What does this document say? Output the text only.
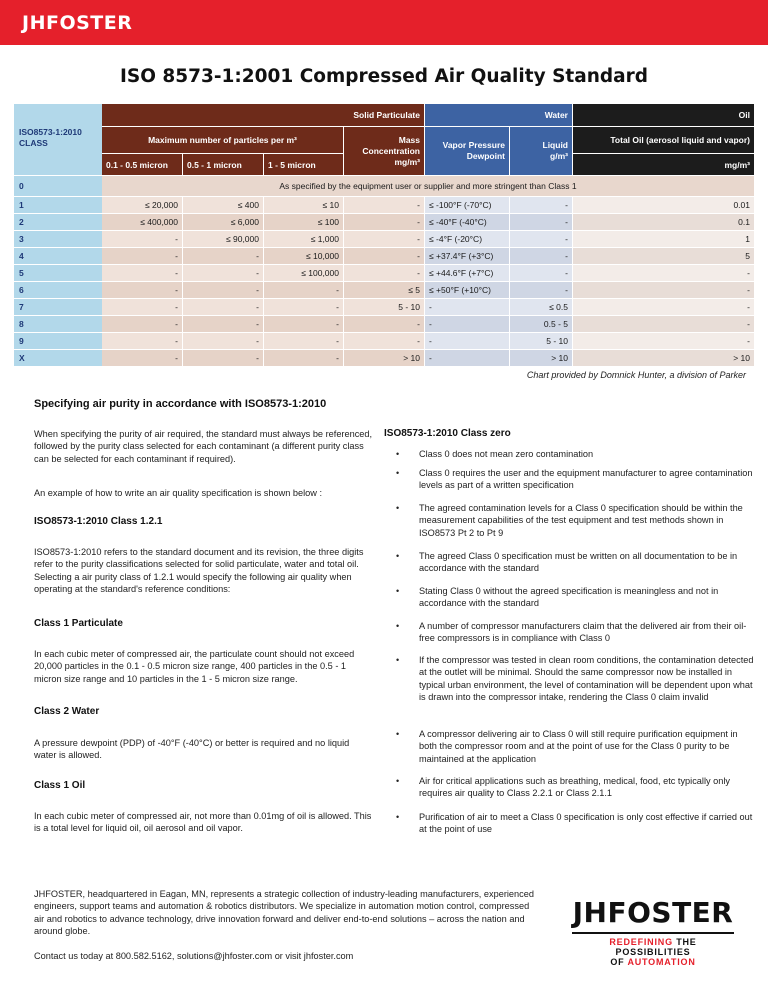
JHFOSTER
ISO 8573-1:2001 Compressed Air Quality Standard
ISO8573-1:2010 CLASS
Solid Particulate	Water	Oil
Maximum number of particles per m³	Mass Concentration mg/m³
Vapor Pressure Dewpoint
Liquid g/m³
Total Oil (aerosol liquid and vapor)
0.1 - 0.5 micron	0.5 - 1 micron	1 - 5 micron	mg/m³
0	As specified by the equipment user or supplier and more stringent than Class 1
1	≤ 20,000	≤ 400	≤ 10	-	≤ -100°F (-70°C)	-	0.01
2	≤ 400,000	≤ 6,000	≤ 100	-	≤ -40°F (-40°C)	-	0.1
3	-	≤ 90,000	≤ 1,000	-	≤ -4°F (-20°C)	-	1
4	-	-	≤ 10,000	-	≤ +37.4°F (+3°C)	-	5
5	-	-	≤ 100,000	-	≤ +44.6°F (+7°C)	-	-
6	-	-	-	≤ 5	≤ +50°F (+10°C)	-	-
7	-	-	-	5 - 10	-	≤ 0.5	-
8	-	-	-	-	-	0.5 - 5	-
9	-	-	-	-	-	5 - 10	-
X	-	-	-	> 10	-	> 10	> 10
Chart provided by Domnick Hunter, a division of Parker
Specifying air purity in accordance with ISO8573-1:2010
When specifying the purity of air required, the standard must always be referenced, followed by the purity class selected for each contaminant (a different purity class can be selected for each contaminant if required).
An example of how to write an air quality specification is shown below :
ISO8573-1:2010 Class 1.2.1
ISO8573-1:2010 refers to the standard document and its revision, the three digits refer to the purity classifications selected for solid particulate, water and total oil. Selecting a air purity class of 1.2.1 would specify the following air quality when operating at the standard's reference conditions:
Class 1 Particulate
In each cubic meter of compressed air, the particulate count should not exceed 20,000 particles in the 0.1 - 0.5 micron size range, 400 particles in the 0.5 - 1 micron size range and 10 particles in the 1 - 5 micron size range.
Class 2 Water
A pressure dewpoint (PDP) of -40°F (-40°C) or better is required and no liquid water is allowed.
Class 1 Oil
In each cubic meter of compressed air, not more than 0.01mg of oil is allowed. This is a total level for liquid oil, oil aerosol and oil vapor.
ISO8573-1:2010 Class zero
• Class 0 does not mean zero contamination
• Class 0 requires the user and the equipment manufacturer to agree contamination levels as part of a written specification
• The agreed contamination levels for a Class 0 specification should be within the measurement capabilities of the test equipment and test methods shown in ISO8573 Pt 2 to Pt 9
• The agreed Class 0 specification must be written on all documentation to be in accordance with the standard
• Stating Class 0 without the agreed specification is meaningless and not in accordance with the standard
• A number of compressor manufacturers claim that the delivered air from their oil-free compressors is in compliance with Class 0
• If the compressor was tested in clean room conditions, the contamination detected at the outlet will be minimal. Should the same compressor now be installed in typical urban environment, the level of contamination will be dependent upon what is drawn into the compressor intake, rendering the Class 0 claim invalid
• A compressor delivering air to Class 0 will still require purification equipment in both the compressor room and at the point of use for the Class 0 purity to be maintained at the application
• Air for critical applications such as breathing, medical, food, etc typically only requires air quality to Class 2.2.1 or Class 2.1.1
• Purification of air to meet a Class 0 specification is only cost effective if carried out at the point of use
JHFOSTER, headquartered in Eagan, MN, represents a strategic collection of industry-leading manufacturers, experienced engineers, support teams and automation & robotics distributors. We specialize in automation motion control, compressed air and robotics to advance technology, drive innovation forward and deliver end-to-end solutions – across the nation and around globe.
Contact us today at 800.582.5162, solutions@jhfoster.com or visit jhfoster.com
JHFOSTER
REDEFINING THE POSSIBILITIES
OF AUTOMATION
